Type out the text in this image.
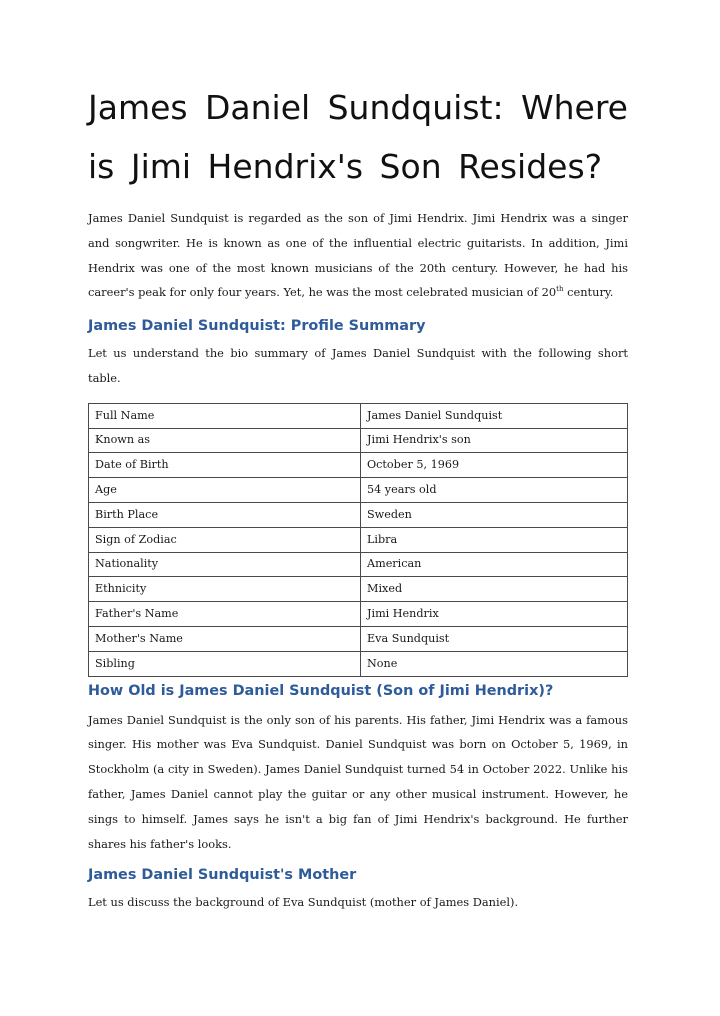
James Daniel Sundquist: Where is Jimi Hendrix's Son Resides?

James Daniel Sundquist is regarded as the son of Jimi Hendrix. Jimi Hendrix was a singer and songwriter. He is known as one of the influential electric guitarists. In addition, Jimi Hendrix was one of the most known musicians of the 20th century. However, he had his career's peak for only four years. Yet, he was the most celebrated musician of 20th century.

James Daniel Sundquist: Profile Summary

Let us understand the bio summary of James Daniel Sundquist with the following short table.

Full Name	James Daniel Sundquist
Known as	Jimi Hendrix's son
Date of Birth	October 5, 1969
Age	54 years old
Birth Place	Sweden
Sign of Zodiac	Libra
Nationality	American
Ethnicity	Mixed
Father's Name	Jimi Hendrix
Mother's Name	Eva Sundquist
Sibling	None
How Old is James Daniel Sundquist (Son of Jimi Hendrix)?

James Daniel Sundquist is the only son of his parents. His father, Jimi Hendrix was a famous singer. His mother was Eva Sundquist. Daniel Sundquist was born on October 5, 1969, in Stockholm (a city in Sweden). James Daniel Sundquist turned 54 in October 2022. Unlike his father, James Daniel cannot play the guitar or any other musical instrument. However, he sings to himself. James says he isn't a big fan of Jimi Hendrix's background. He further shares his father's looks.

James Daniel Sundquist's Mother

Let us discuss the background of Eva Sundquist (mother of James Daniel).
